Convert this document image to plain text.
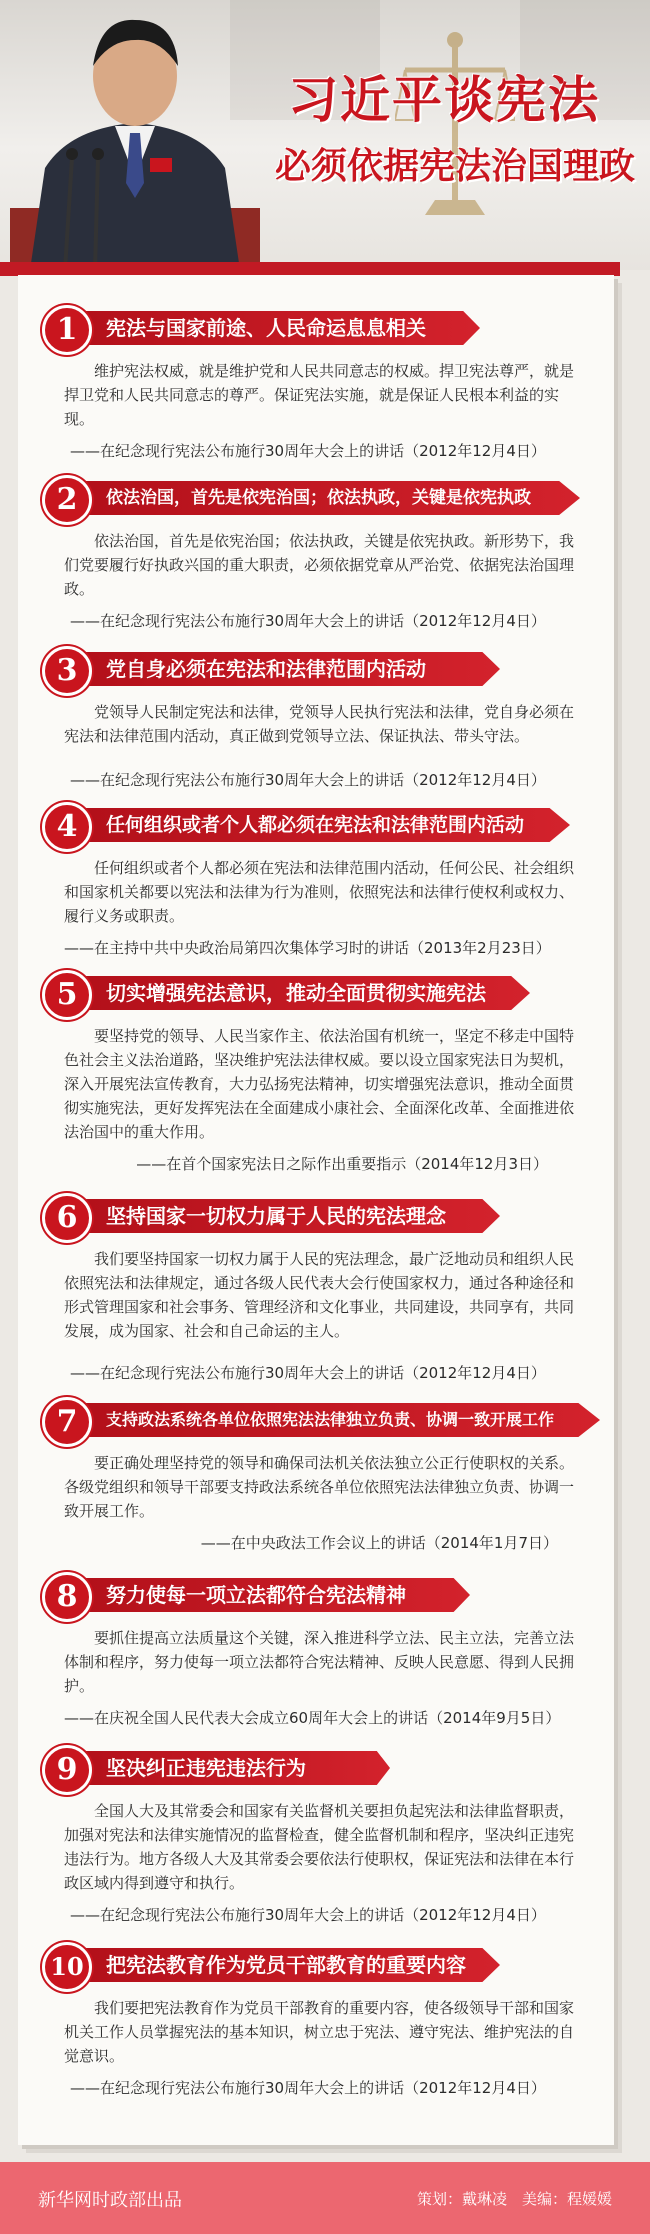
习近平谈宪法
必须依据宪法治国理政
1	宪法与国家前途、人民命运息息相关
维护宪法权威，就是维护党和人民共同意志的权威。捍卫宪法尊严，就是捍卫党和人民共同意志的尊严。保证宪法实施，就是保证人民根本利益的实现。
——在纪念现行宪法公布施行30周年大会上的讲话（2012年12月4日）
2	依法治国，首先是依宪治国；依法执政，关键是依宪执政
依法治国，首先是依宪治国；依法执政，关键是依宪执政。新形势下，我们党要履行好执政兴国的重大职责，必须依据党章从严治党、依据宪法治国理政。
——在纪念现行宪法公布施行30周年大会上的讲话（2012年12月4日）
3	党自身必须在宪法和法律范围内活动
党领导人民制定宪法和法律，党领导人民执行宪法和法律，党自身必须在宪法和法律范围内活动，真正做到党领导立法、保证执法、带头守法。
——在纪念现行宪法公布施行30周年大会上的讲话（2012年12月4日）
4	任何组织或者个人都必须在宪法和法律范围内活动
任何组织或者个人都必须在宪法和法律范围内活动，任何公民、社会组织和国家机关都要以宪法和法律为行为准则，依照宪法和法律行使权利或权力、履行义务或职责。
——在主持中共中央政治局第四次集体学习时的讲话（2013年2月23日）
5	切实增强宪法意识，推动全面贯彻实施宪法
要坚持党的领导、人民当家作主、依法治国有机统一，坚定不移走中国特色社会主义法治道路，坚决维护宪法法律权威。要以设立国家宪法日为契机，深入开展宪法宣传教育，大力弘扬宪法精神，切实增强宪法意识，推动全面贯彻实施宪法，更好发挥宪法在全面建成小康社会、全面深化改革、全面推进依法治国中的重大作用。
——在首个国家宪法日之际作出重要指示（2014年12月3日）
6	坚持国家一切权力属于人民的宪法理念
我们要坚持国家一切权力属于人民的宪法理念，最广泛地动员和组织人民依照宪法和法律规定，通过各级人民代表大会行使国家权力，通过各种途径和形式管理国家和社会事务、管理经济和文化事业，共同建设，共同享有，共同发展，成为国家、社会和自己命运的主人。
——在纪念现行宪法公布施行30周年大会上的讲话（2012年12月4日）
7	支持政法系统各单位依照宪法法律独立负责、协调一致开展工作
要正确处理坚持党的领导和确保司法机关依法独立公正行使职权的关系。各级党组织和领导干部要支持政法系统各单位依照宪法法律独立负责、协调一致开展工作。
——在中央政法工作会议上的讲话（2014年1月7日）
8	努力使每一项立法都符合宪法精神
要抓住提高立法质量这个关键，深入推进科学立法、民主立法，完善立法体制和程序，努力使每一项立法都符合宪法精神、反映人民意愿、得到人民拥护。
——在庆祝全国人民代表大会成立60周年大会上的讲话（2014年9月5日）
9	坚决纠正违宪违法行为
全国人大及其常委会和国家有关监督机关要担负起宪法和法律监督职责，加强对宪法和法律实施情况的监督检查，健全监督机制和程序，坚决纠正违宪违法行为。地方各级人大及其常委会要依法行使职权，保证宪法和法律在本行政区域内得到遵守和执行。
——在纪念现行宪法公布施行30周年大会上的讲话（2012年12月4日）
10	把宪法教育作为党员干部教育的重要内容
我们要把宪法教育作为党员干部教育的重要内容，使各级领导干部和国家机关工作人员掌握宪法的基本知识，树立忠于宪法、遵守宪法、维护宪法的自觉意识。
——在纪念现行宪法公布施行30周年大会上的讲话（2012年12月4日）
新华网时政部出品	策划：戴琳凌　美编：程媛媛
